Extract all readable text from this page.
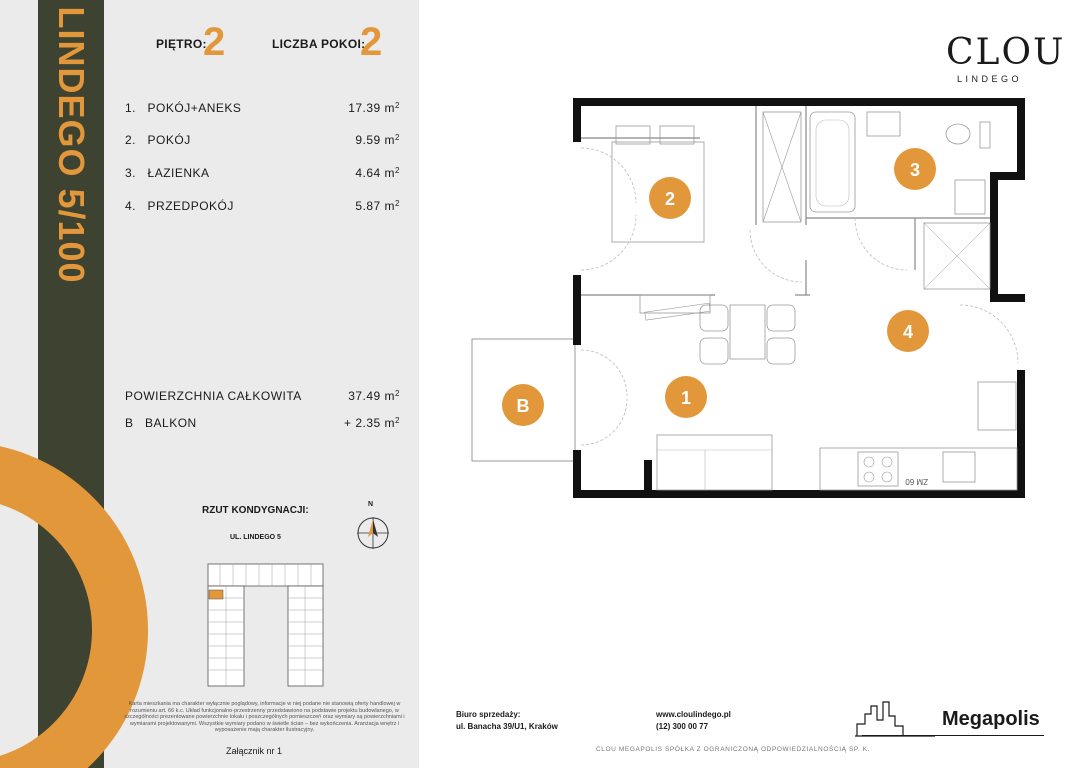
LINDEGO 5/100	PIĘTRO:
2	LICZBA POKOI:
2
1. POKÓJ+ANEKS	17.39 $m^2$
2. POKÓJ	9.59 $m^2$
3. ŁAZIENKA	4.64 $m^2$
4. PRZEDPOKÓJ	5.87 $m^2$
POWIERZCHNIA CAŁKOWITA	37.49 $m^2$
B BALKON	+ 2.35 $m^2$
RZUT KONDYGNACJI:
UL. LINDEGO 5
N
Karta mieszkania ma charakter wyłącznie poglądowy, informacje w niej podane nie stanowią oferty handlowej w rozumieniu art. 66 k.c. Układ funkcjonalno-przestrzenny przedstawiono na podstawie projektu budowlanego, w szczególności prezentowane powierzchnie lokalu i poszczególnych pomieszczeń oraz wymiary są powierzchniami i wymiarami projektowanymi. Wszystkie wymiary podano w świetle ścian – bez wykończenia. Aranżacja wnętrz i wyposażenie mają charakter ilustracyjny.
Załącznik nr 1
CLOU
LINDEGO
ZM 60
2
3
4
1
B
Biuro sprzedaży:
ul. Banacha 39/U1, Kraków
www.cloulindego.pl
(12) 300 00 77	Megapolis
CLOU MEGAPOLIS SPÓŁKA Z OGRANICZONĄ ODPOWIEDZIALNOŚCIĄ SP. K.
